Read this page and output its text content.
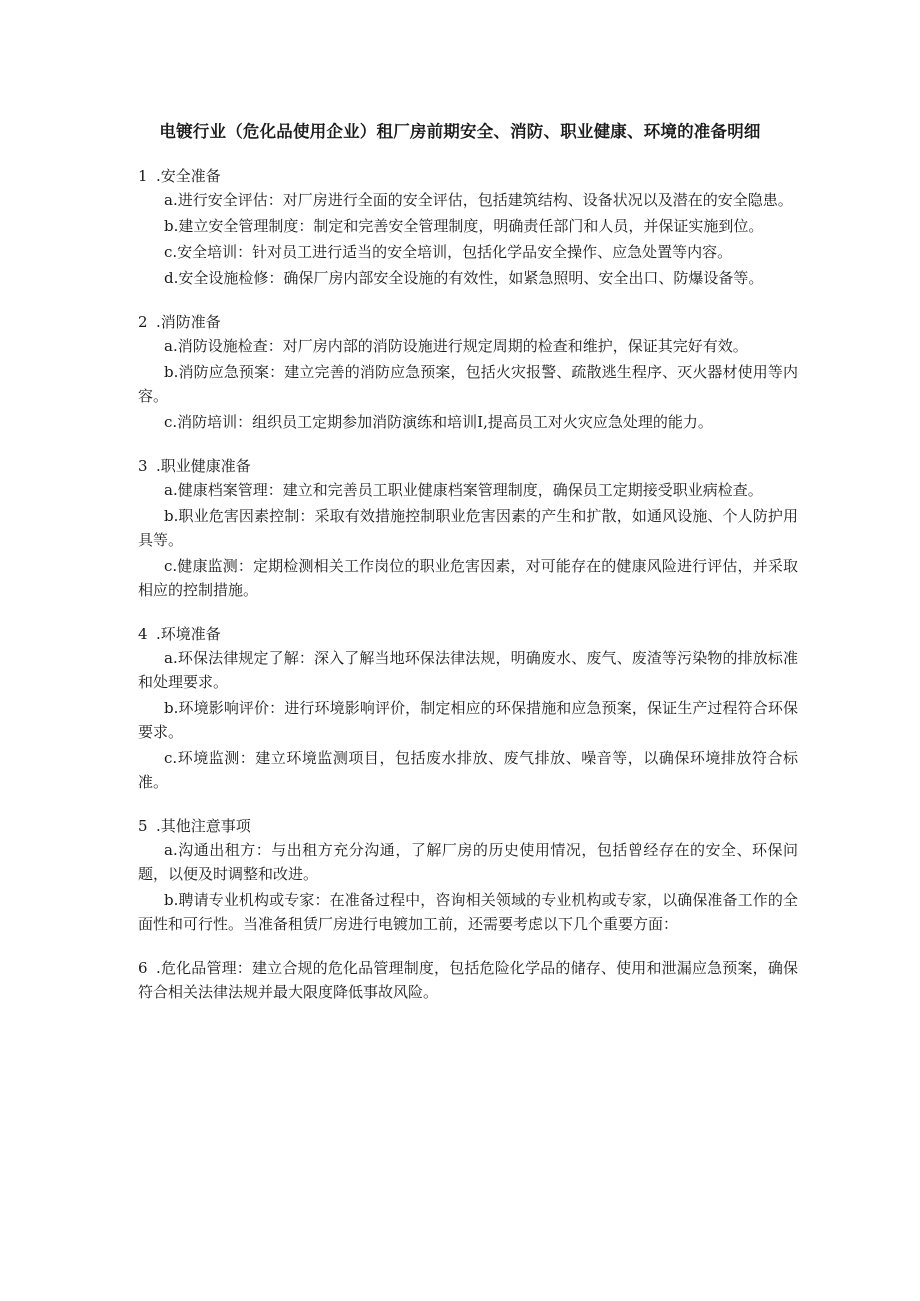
电镀行业（危化品使用企业）租厂房前期安全、消防、职业健康、环境的准备明细

1 .安全准备

a.进行安全评估：对厂房进行全面的安全评估，包括建筑结构、设备状况以及潜在的安全隐患。

b.建立安全管理制度：制定和完善安全管理制度，明确责任部门和人员，并保证实施到位。

c.安全培训：针对员工进行适当的安全培训，包括化学品安全操作、应急处置等内容。

d.安全设施检修：确保厂房内部安全设施的有效性，如紧急照明、安全出口、防爆设备等。

2 .消防准备

a.消防设施检查：对厂房内部的消防设施进行规定周期的检查和维护，保证其完好有效。

b.消防应急预案：建立完善的消防应急预案，包括火灾报警、疏散逃生程序、灭火器材使用等内容。

c.消防培训：组织员工定期参加消防演练和培训I,提高员工对火灾应急处理的能力。

3 .职业健康准备

a.健康档案管理：建立和完善员工职业健康档案管理制度，确保员工定期接受职业病检查。

b.职业危害因素控制：采取有效措施控制职业危害因素的产生和扩散，如通风设施、个人防护用具等。

c.健康监测：定期检测相关工作岗位的职业危害因素，对可能存在的健康风险进行评估，并采取相应的控制措施。

4 .环境准备

a.环保法律规定了解：深入了解当地环保法律法规，明确废水、废气、废渣等污染物的排放标准和处理要求。

b.环境影响评价：进行环境影响评价，制定相应的环保措施和应急预案，保证生产过程符合环保要求。

c.环境监测：建立环境监测项目，包括废水排放、废气排放、噪音等，以确保环境排放符合标准。

5 .其他注意事项

a.沟通出租方：与出租方充分沟通，了解厂房的历史使用情况，包括曾经存在的安全、环保问题，以便及时调整和改进。

b.聘请专业机构或专家：在准备过程中，咨询相关领域的专业机构或专家，以确保准备工作的全面性和可行性。当准备租赁厂房进行电镀加工前，还需要考虑以下几个重要方面：

6 .危化品管理：建立合规的危化品管理制度，包括危险化学品的储存、使用和泄漏应急预案，确保符合相关法律法规并最大限度降低事故风险。
